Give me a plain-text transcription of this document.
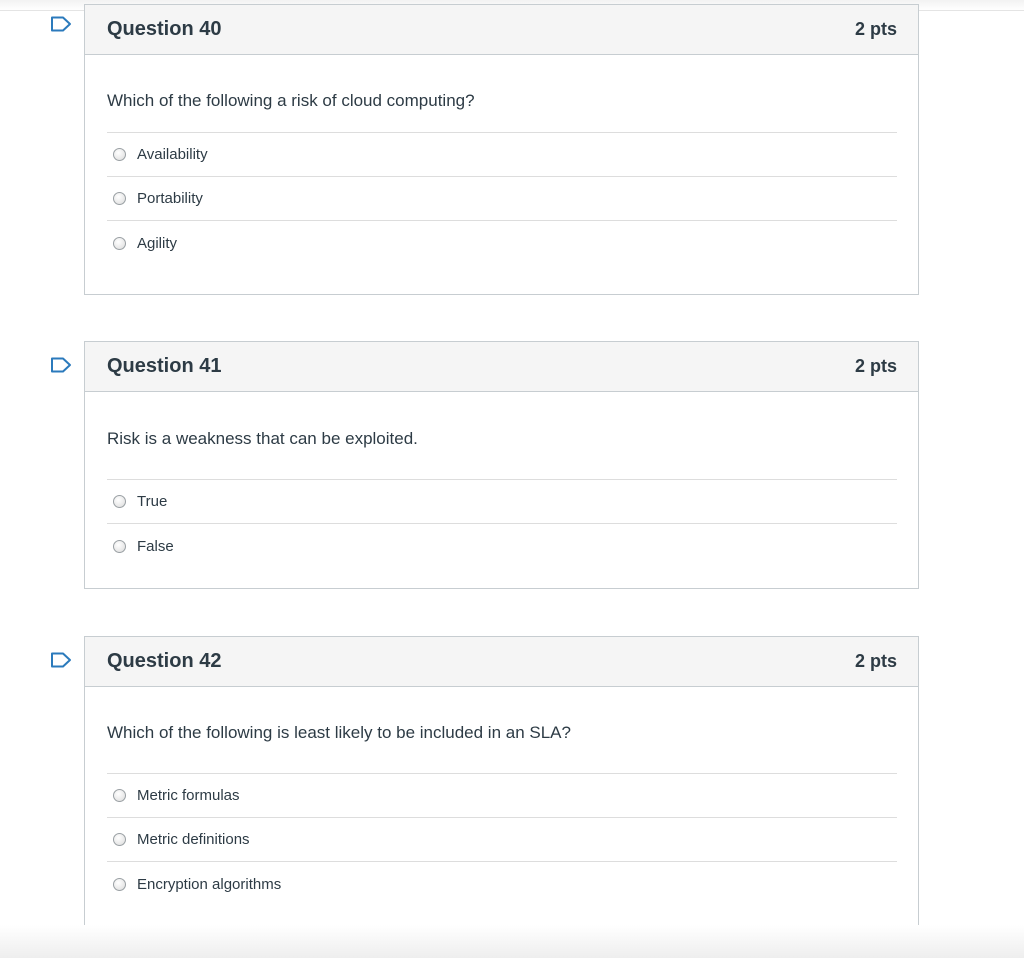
Question 40	2 pts

Which of the following a risk of cloud computing?

Availability
Portability
Agility
Question 41	2 pts

Risk is a weakness that can be exploited.

True
False
Question 42	2 pts

Which of the following is least likely to be included in an SLA?

Metric formulas
Metric definitions
Encryption algorithms
